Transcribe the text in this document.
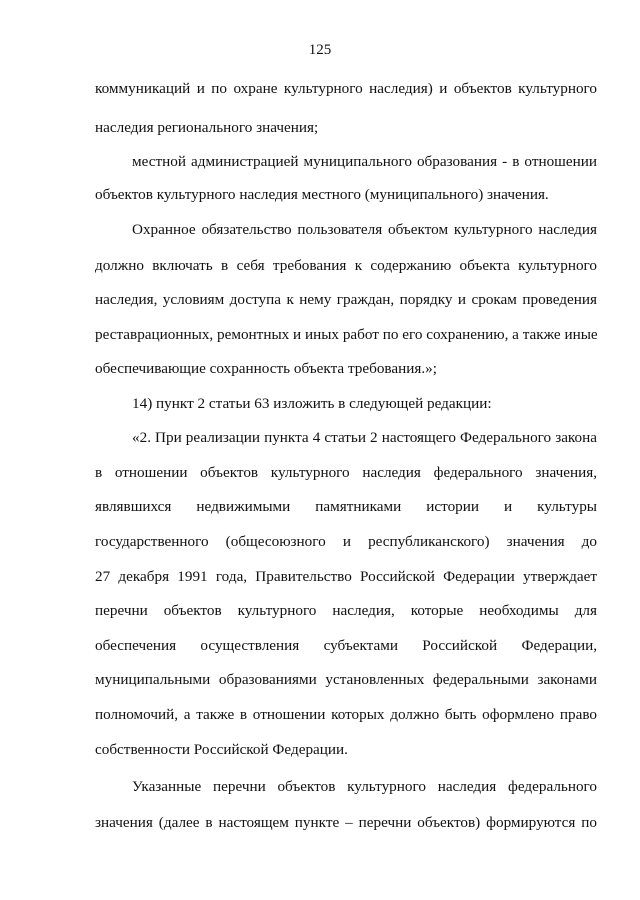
125
коммуникаций и по охране культурного наследия) и объектов культурного
наследия регионального значения;
местной администрацией муниципального образования - в отношении
объектов культурного наследия местного (муниципального) значения.
Охранное обязательство пользователя объектом культурного наследия
должно включать в себя требования к содержанию объекта культурного
наследия, условиям доступа к нему граждан, порядку и срокам проведения
реставрационных, ремонтных и иных работ по его сохранению, а также иные
обеспечивающие сохранность объекта требования.»;
14) пункт 2 статьи 63 изложить в следующей редакции:
«2. При реализации пункта 4 статьи 2 настоящего Федерального закона
в отношении объектов культурного наследия федерального значения,
являвшихся недвижимыми памятниками истории и культуры
государственного (общесоюзного и республиканского) значения до
27 декабря 1991 года, Правительство Российской Федерации утверждает
перечни объектов культурного наследия, которые необходимы для
обеспечения осуществления субъектами Российской Федерации,
муниципальными образованиями установленных федеральными законами
полномочий, а также в отношении которых должно быть оформлено право
собственности Российской Федерации.
Указанные перечни объектов культурного наследия федерального
значения (далее в настоящем пункте – перечни объектов) формируются по
